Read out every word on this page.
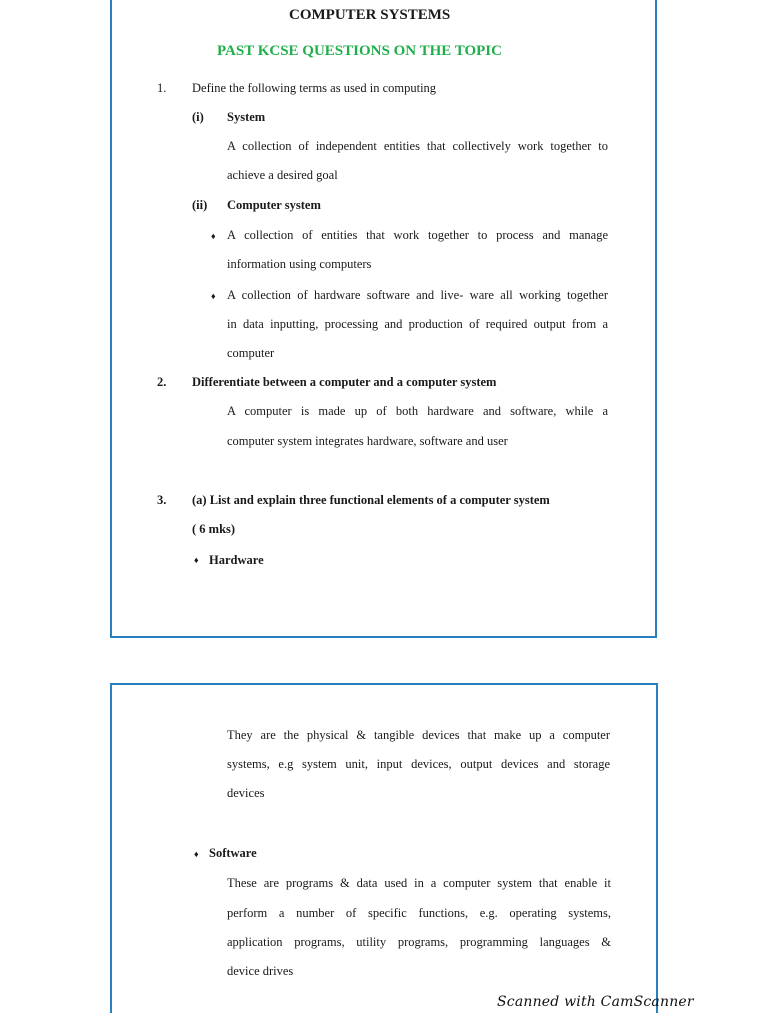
COMPUTER SYSTEMS
PAST KCSE QUESTIONS ON THE TOPIC
1. Define the following terms as used in computing
(i) System
A collection of independent entities that collectively work together to
achieve a desired goal
(ii) Computer system
♦ A collection of entities that work together to process and manage
information using computers
♦ A collection of hardware software and live- ware all working together
in data inputting, processing and production of required output from a
computer
2. Differentiate between a computer and a computer system
A computer is made up of both hardware and software, while a
computer system integrates hardware, software and user
3. (a) List and explain three functional elements of a computer system
( 6 mks)
♦ Hardware
They are the physical & tangible devices that make up a computer
systems, e.g system unit, input devices, output devices and storage
devices
♦ Software
These are programs & data used in a computer system that enable it
perform a number of specific functions, e.g. operating systems,
application programs, utility programs, programming languages &
device drives
Scanned with CamScanner
